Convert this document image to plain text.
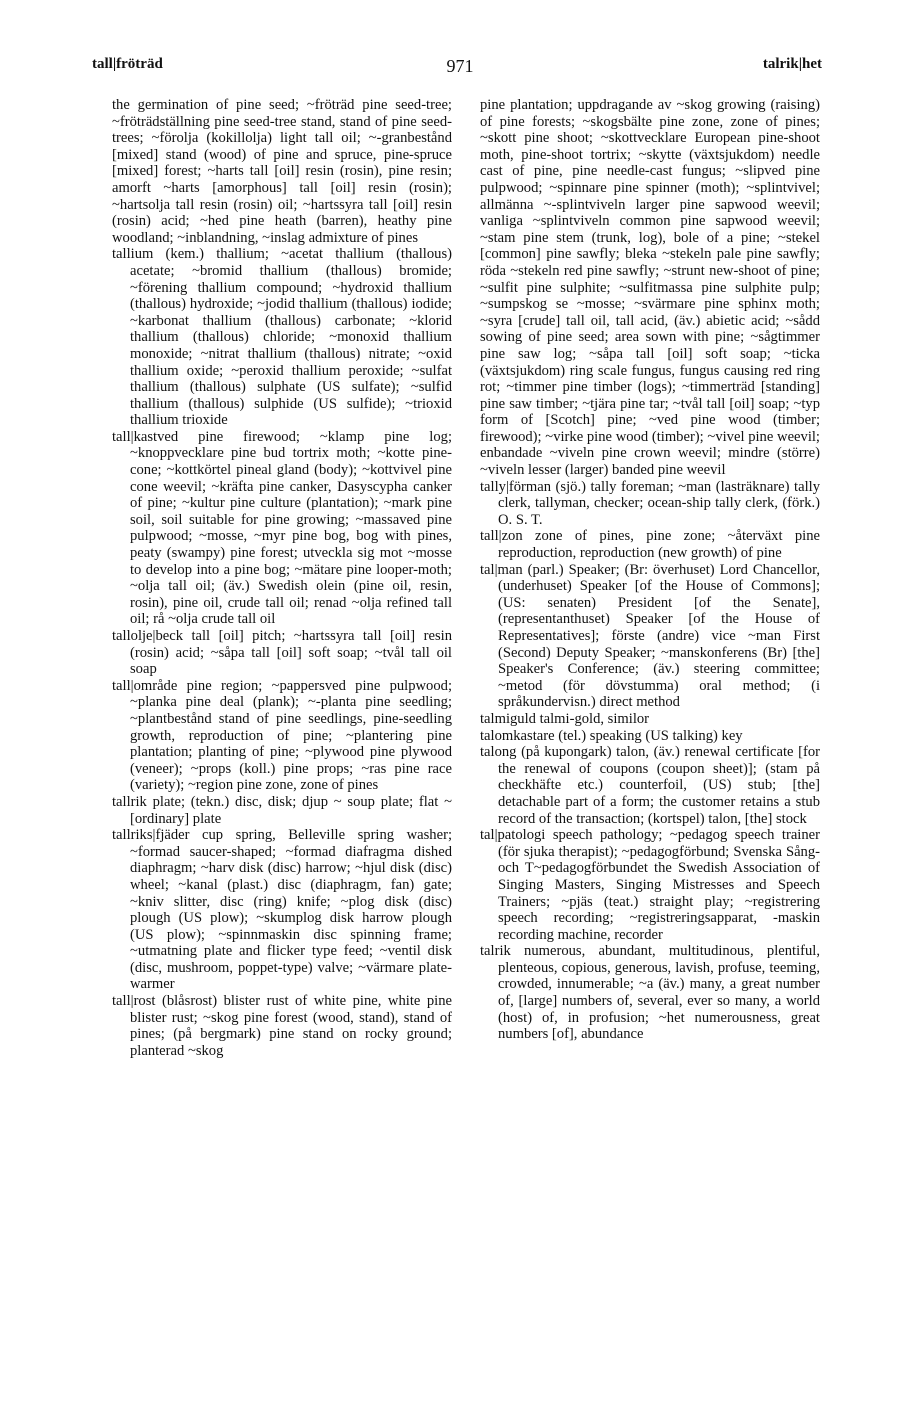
tall|fröträd	971	talrik|het

the germination of pine seed; ~fröträd pine seed-tree; ~fröträdställning pine seed-tree stand, stand of pine seed-trees; ~förolja (kokillolja) light tall oil; ~-granbestånd [mixed] stand (wood) of pine and spruce, pine-spruce [mixed] forest; ~harts tall [oil] resin (rosin), pine resin; amorft ~harts [amorphous] tall [oil] resin (rosin); ~hartsolja tall resin (rosin) oil; ~hartssyra tall [oil] resin (rosin) acid; ~hed pine heath (barren), heathy pine woodland; ~inblandning, ~inslag admixture of pines

tallium (kem.) thallium; ~acetat thallium (thallous) acetate; ~bromid thallium (thallous) bromide; ~förening thallium compound; ~hydroxid thallium (thallous) hydroxide; ~jodid thallium (thallous) iodide; ~karbonat thallium (thallous) carbonate; ~klorid thallium (thallous) chloride; ~monoxid thallium monoxide; ~nitrat thallium (thallous) nitrate; ~oxid thallium oxide; ~peroxid thallium peroxide; ~sulfat thallium (thallous) sulphate (US sulfate); ~sulfid thallium (thallous) sulphide (US sulfide); ~trioxid thallium trioxide

tall|kastved pine firewood; ~klamp pine log; ~knoppvecklare pine bud tortrix moth; ~kotte pine-cone; ~kottkörtel pineal gland (body); ~kottvivel pine cone weevil; ~kräfta pine canker, Dasyscypha canker of pine; ~kultur pine culture (plantation); ~mark pine soil, soil suitable for pine growing; ~massaved pine pulpwood; ~mosse, ~myr pine bog, bog with pines, peaty (swampy) pine forest; utveckla sig mot ~mosse to develop into a pine bog; ~mätare pine looper-moth; ~olja tall oil; (äv.) Swedish olein (pine oil, resin, rosin), pine oil, crude tall oil; renad ~olja refined tall oil; rå ~olja crude tall oil

tallolje|beck tall [oil] pitch; ~hartssyra tall [oil] resin (rosin) acid; ~såpa tall [oil] soft soap; ~tvål tall oil soap

tall|område pine region; ~pappersved pine pulpwood; ~planka pine deal (plank); ~-planta pine seedling; ~plantbestånd stand of pine seedlings, pine-seedling growth, reproduction of pine; ~plantering pine plantation; planting of pine; ~plywood pine plywood (veneer); ~props (koll.) pine props; ~ras pine race (variety); ~region pine zone, zone of pines

tallrik plate; (tekn.) disc, disk; djup ~ soup plate; flat ~ [ordinary] plate

tallriks|fjäder cup spring, Belleville spring washer; ~formad saucer-shaped; ~formad diafragma dished diaphragm; ~harv disk (disc) harrow; ~hjul disk (disc) wheel; ~kanal (plast.) disc (diaphragm, fan) gate; ~kniv slitter, disc (ring) knife; ~plog disk (disc) plough (US plow); ~skumplog disk harrow plough (US plow); ~spinnmaskin disc spinning frame; ~utmatning plate and flicker type feed; ~ventil disk (disc, mushroom, poppet-type) valve; ~värmare plate-warmer

tall|rost (blåsrost) blister rust of white pine, white pine blister rust; ~skog pine forest (wood, stand), stand of pines; (på bergmark) pine stand on rocky ground; planterad ~skog

pine plantation; uppdragande av ~skog growing (raising) of pine forests; ~skogsbälte pine zone, zone of pines; ~skott pine shoot; ~skottvecklare European pine-shoot moth, pine-shoot tortrix; ~skytte (växtsjukdom) needle cast of pine, pine needle-cast fungus; ~slipved pine pulpwood; ~spinnare pine spinner (moth); ~splintvivel; allmänna ~-splintviveln larger pine sapwood weevil; vanliga ~splintviveln common pine sapwood weevil; ~stam pine stem (trunk, log), bole of a pine; ~stekel [common] pine sawfly; bleka ~stekeln pale pine sawfly; röda ~stekeln red pine sawfly; ~strunt new-shoot of pine; ~sulfit pine sulphite; ~sulfitmassa pine sulphite pulp; ~sumpskog se ~mosse; ~svärmare pine sphinx moth; ~syra [crude] tall oil, tall acid, (äv.) abietic acid; ~sådd sowing of pine seed; area sown with pine; ~sågtimmer pine saw log; ~såpa tall [oil] soft soap; ~ticka (växtsjukdom) ring scale fungus, fungus causing red ring rot; ~timmer pine timber (logs); ~timmerträd [standing] pine saw timber; ~tjära pine tar; ~tvål tall [oil] soap; ~typ form of [Scotch] pine; ~ved pine wood (timber; firewood); ~virke pine wood (timber); ~vivel pine weevil; enbandade ~viveln pine crown weevil; mindre (större) ~viveln lesser (larger) banded pine weevil

tally|förman (sjö.) tally foreman; ~man (lasträknare) tally clerk, tallyman, checker; ocean-ship tally clerk, (förk.) O. S. T.

tall|zon zone of pines, pine zone; ~återväxt pine reproduction, reproduction (new growth) of pine

tal|man (parl.) Speaker; (Br: överhuset) Lord Chancellor, (underhuset) Speaker [of the House of Commons]; (US: senaten) President [of the Senate], (representanthuset) Speaker [of the House of Representatives]; förste (andre) vice ~man First (Second) Deputy Speaker; ~manskonferens (Br) [the] Speaker's Conference; (äv.) steering committee; ~metod (för dövstumma) oral method; (i språkundervisn.) direct method

talmiguld talmi-gold, similor

talomkastare (tel.) speaking (US talking) key

talong (på kupongark) talon, (äv.) renewal certificate [for the renewal of coupons (coupon sheet)]; (stam på checkhäfte etc.) counterfoil, (US) stub; [the] detachable part of a form; the customer retains a stub record of the transaction; (kortspel) talon, [the] stock

tal|patologi speech pathology; ~pedagog speech trainer (för sjuka therapist); ~pedagogförbund; Svenska Sång- och T~pedagogförbundet the Swedish Association of Singing Masters, Singing Mistresses and Speech Trainers; ~pjäs (teat.) straight play; ~registrering speech recording; ~registreringsapparat, -maskin recording machine, recorder

talrik numerous, abundant, multitudinous, plentiful, plenteous, copious, generous, lavish, profuse, teeming, crowded, innumerable; ~a (äv.) many, a great number of, [large] numbers of, several, ever so many, a world (host) of, in profusion; ~het numerousness, great numbers [of], abundance
